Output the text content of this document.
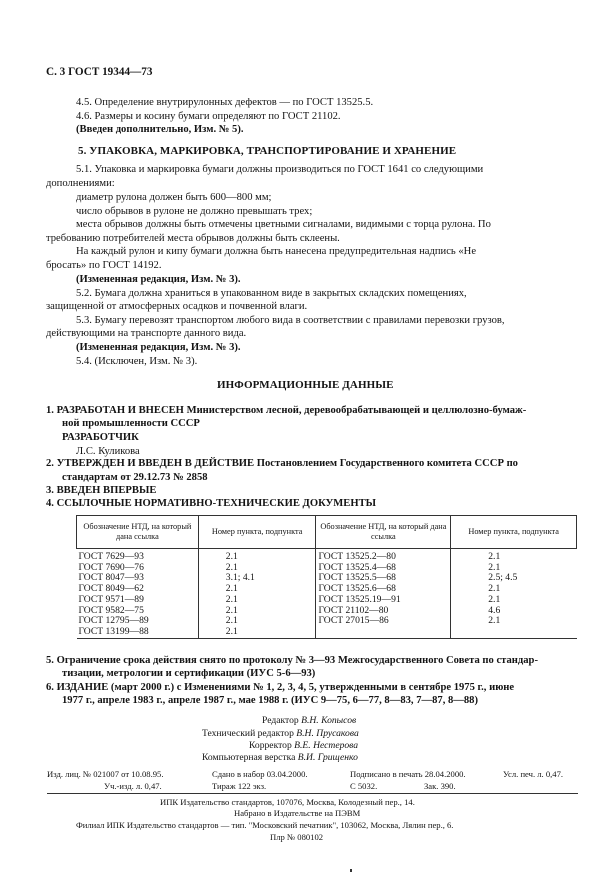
С. 3 ГОСТ 19344—73
4.5. Определение внутрирулонных дефектов — по ГОСТ 13525.5.
4.6. Размеры и косину бумаги определяют по ГОСТ 21102.
(Введен дополнительно, Изм. № 5).
5. УПАКОВКА, МАРКИРОВКА, ТРАНСПОРТИРОВАНИЕ И ХРАНЕНИЕ
5.1. Упаковка и маркировка бумаги должны производиться по ГОСТ 1641 со следующими
дополнениями:
диаметр рулона должен быть 600—800 мм;
число обрывов в рулоне не должно превышать трех;
места обрывов должны быть отмечены цветными сигналами, видимыми с торца рулона. По
требованию потребителей места обрывов должны быть склеены.
На каждый рулон и кипу бумаги должна быть нанесена предупредительная надпись «Не
бросать» по ГОСТ 14192.
(Измененная редакция, Изм. № 3).
5.2. Бумага должна храниться в упакованном виде в закрытых складских помещениях,
защищенной от атмосферных осадков и почвенной влаги.
5.3. Бумагу перевозят транспортом любого вида в соответствии с правилами перевозки грузов,
действующими на транспорте данного вида.
(Измененная редакция, Изм. № 3).
5.4. (Исключен, Изм. № 3).
ИНФОРМАЦИОННЫЕ ДАННЫЕ
1. РАЗРАБОТАН И ВНЕСЕН Министерством лесной, деревообрабатывающей и целлюлозно-бумаж-
ной промышленности СССР
РАЗРАБОТЧИК
Л.С. Куликова
2. УТВЕРЖДЕН И ВВЕДЕН В ДЕЙСТВИЕ Постановлением Государственного комитета СССР по
стандартам от 29.12.73 № 2858
3. ВВЕДЕН ВПЕРВЫЕ
4. ССЫЛОЧНЫЕ НОРМАТИВНО-ТЕХНИЧЕСКИЕ ДОКУМЕНТЫ
Обозначение НТД, на который дана ссылка	Номер пункта, подпункта	Обозначение НТД, на который дана ссылка	Номер пункта, подпункта
ГОСТ 7629—93	2.1	ГОСТ 13525.2—80	2.1
ГОСТ 7690—76	2.1	ГОСТ 13525.4—68	2.1
ГОСТ 8047—93	3.1; 4.1	ГОСТ 13525.5—68	2.5; 4.5
ГОСТ 8049—62	2.1	ГОСТ 13525.6—68	2.1
ГОСТ 9571—89	2.1	ГОСТ 13525.19—91	2.1
ГОСТ 9582—75	2.1	ГОСТ 21102—80	4.6
ГОСТ 12795—89	2.1	ГОСТ 27015—86	2.1
ГОСТ 13199—88	2.1		
5. Ограничение срока действия снято по протоколу № 3—93 Межгосударственного Совета по стандар-
тизации, метрологии и сертификации (ИУС 5-6—93)
6. ИЗДАНИЕ (март 2000 г.) с Изменениями № 1, 2, 3, 4, 5, утвержденными в сентябре 1975 г., июне
1977 г., апреле 1983 г., апреле 1987 г., мае 1988 г. (ИУС 9—75, 6—77, 8—83, 7—87, 8—88)
Редактор В.Н. Копысов
Технический редактор В.Н. Прусакова
Корректор В.Е. Нестерова
Компьютерная верстка В.И. Грищенко
Изд. лиц. № 021007 от 10.08.95.	Сдано в набор 03.04.2000.	Подписано в печать 28.04.2000.	Усл. печ. л. 0,47.
Уч.-изд. л. 0,47.	Тираж 122 экз.	С 5032.	Зак. 390.
ИПК Издательство стандартов, 107076, Москва, Колодезный пер., 14.
Набрано в Издательстве на ПЭВМ
Филиал ИПК Издательство стандартов — тип. "Московский печатник", 103062, Москва, Лялин пер., 6.
Плр № 080102
